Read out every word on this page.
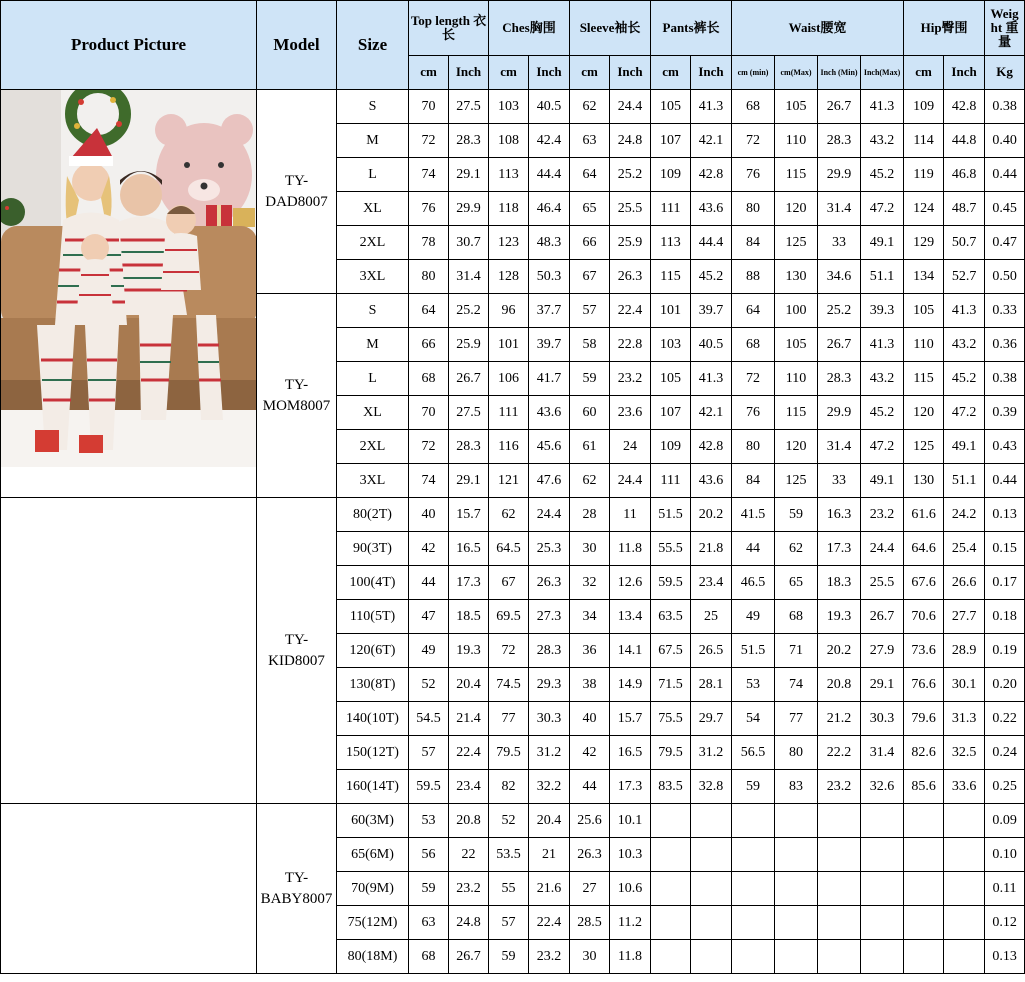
Product Picture	Model	Size	Top length 衣长		Ches胸围		Sleeve袖长		Pants裤长		Waist腰宽				Hip臀围		Weig ht 重量
			cm	Inch	cm	Inch	cm	Inch	cm	Inch	cm (min)	cm(Max)	Inch (Min)	Inch(Max)	cm	Inch	Kg

	TY-DAD8007	S	70	27.5	103	40.5	62	24.4	105	41.3	68	105	26.7	41.3	109	42.8	0.38
		M	72	28.3	108	42.4	63	24.8	107	42.1	72	110	28.3	43.2	114	44.8	0.40
		L	74	29.1	113	44.4	64	25.2	109	42.8	76	115	29.9	45.2	119	46.8	0.44
		XL	76	29.9	118	46.4	65	25.5	111	43.6	80	120	31.4	47.2	124	48.7	0.45
		2XL	78	30.7	123	48.3	66	25.9	113	44.4	84	125	33	49.1	129	50.7	0.47
		3XL	80	31.4	128	50.3	67	26.3	115	45.2	88	130	34.6	51.1	134	52.7	0.50
	TY-MOM8007	S	64	25.2	96	37.7	57	22.4	101	39.7	64	100	25.2	39.3	105	41.3	0.33
		M	66	25.9	101	39.7	58	22.8	103	40.5	68	105	26.7	41.3	110	43.2	0.36
		L	68	26.7	106	41.7	59	23.2	105	41.3	72	110	28.3	43.2	115	45.2	0.38
		XL	70	27.5	111	43.6	60	23.6	107	42.1	76	115	29.9	45.2	120	47.2	0.39
		2XL	72	28.3	116	45.6	61	24	109	42.8	80	120	31.4	47.2	125	49.1	0.43
		3XL	74	29.1	121	47.6	62	24.4	111	43.6	84	125	33	49.1	130	51.1	0.44
	TY-KID8007	80(2T)	40	15.7	62	24.4	28	11	51.5	20.2	41.5	59	16.3	23.2	61.6	24.2	0.13
		90(3T)	42	16.5	64.5	25.3	30	11.8	55.5	21.8	44	62	17.3	24.4	64.6	25.4	0.15
		100(4T)	44	17.3	67	26.3	32	12.6	59.5	23.4	46.5	65	18.3	25.5	67.6	26.6	0.17
		110(5T)	47	18.5	69.5	27.3	34	13.4	63.5	25	49	68	19.3	26.7	70.6	27.7	0.18
		120(6T)	49	19.3	72	28.3	36	14.1	67.5	26.5	51.5	71	20.2	27.9	73.6	28.9	0.19
		130(8T)	52	20.4	74.5	29.3	38	14.9	71.5	28.1	53	74	20.8	29.1	76.6	30.1	0.20
		140(10T)	54.5	21.4	77	30.3	40	15.7	75.5	29.7	54	77	21.2	30.3	79.6	31.3	0.22
		150(12T)	57	22.4	79.5	31.2	42	16.5	79.5	31.2	56.5	80	22.2	31.4	82.6	32.5	0.24
		160(14T)	59.5	23.4	82	32.2	44	17.3	83.5	32.8	59	83	23.2	32.6	85.6	33.6	0.25
	TY-BABY8007	60(3M)	53	20.8	52	20.4	25.6	10.1									0.09
		65(6M)	56	22	53.5	21	26.3	10.3									0.10
		70(9M)	59	23.2	55	21.6	27	10.6									0.11
		75(12M)	63	24.8	57	22.4	28.5	11.2									0.12
		80(18M)	68	26.7	59	23.2	30	11.8									0.13
